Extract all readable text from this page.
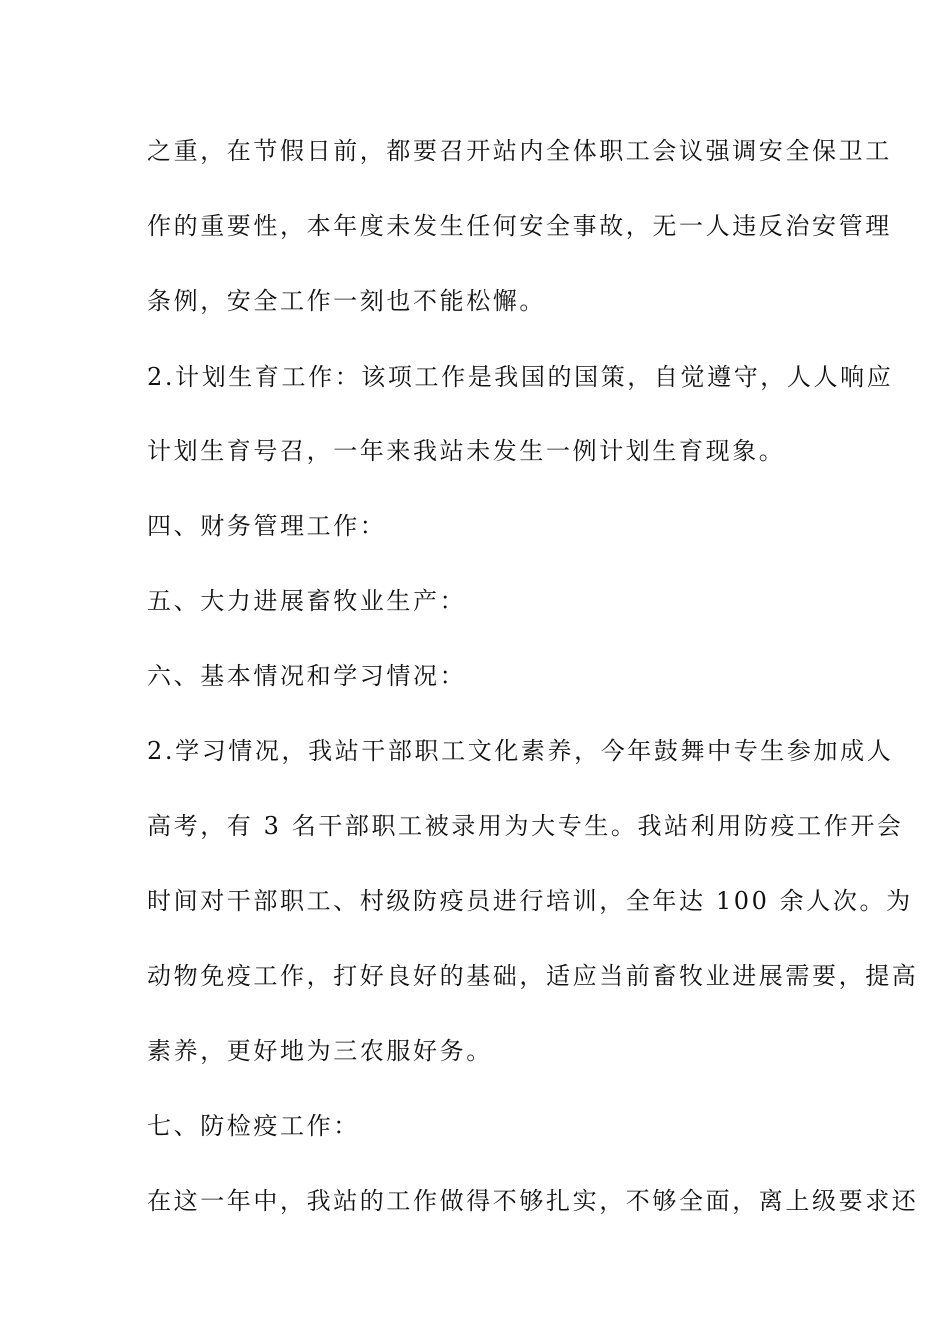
之重，在节假日前，都要召开站内全体职工会议强调安全保卫工
作的重要性，本年度未发生任何安全事故，无一人违反治安管理
条例，安全工作一刻也不能松懈。
2.计划生育工作：该项工作是我国的国策，自觉遵守，人人响应
计划生育号召，一年来我站未发生一例计划生育现象。
四、财务管理工作：
五、大力进展畜牧业生产：
六、基本情况和学习情况：
2.学习情况，我站干部职工文化素养，今年鼓舞中专生参加成人
高考，有 3 名干部职工被录用为大专生。我站利用防疫工作开会
时间对干部职工、村级防疫员进行培训，全年达 100 余人次。为
动物免疫工作，打好良好的基础，适应当前畜牧业进展需要，提高
素养，更好地为三农服好务。
七、防检疫工作：
在这一年中，我站的工作做得不够扎实，不够全面，离上级要求还
